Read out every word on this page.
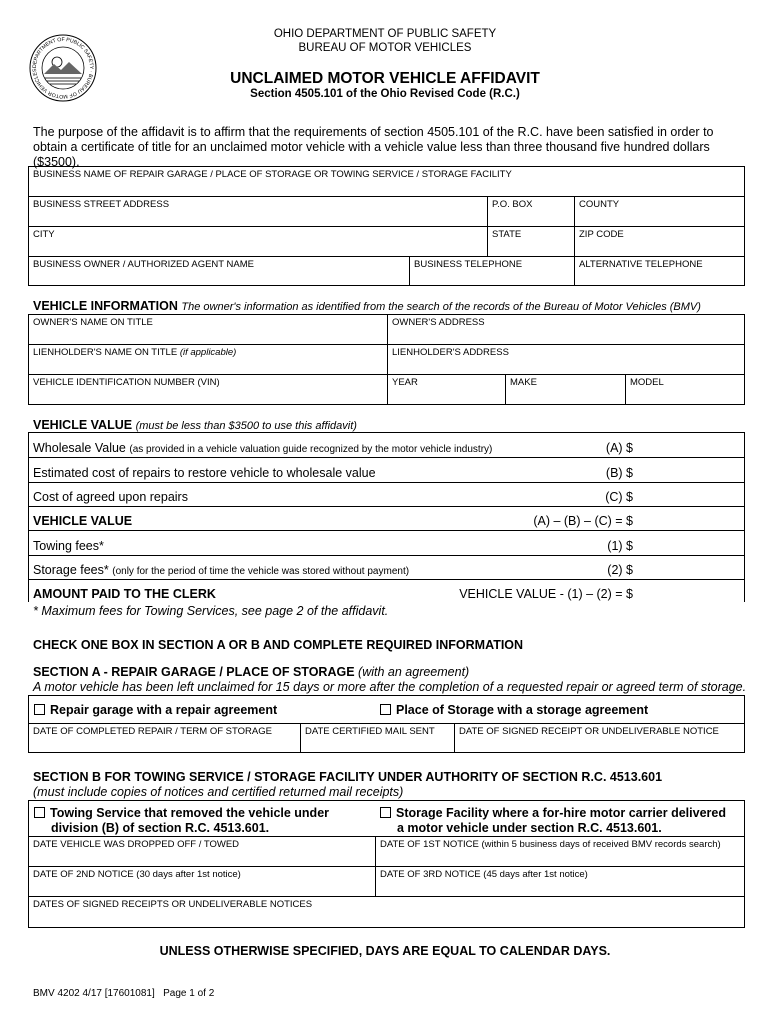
DEPARTMENT OF PUBLIC SAFETY · BUREAU OF MOTOR VEHICLES
OHIO DEPARTMENT OF PUBLIC SAFETY
BUREAU OF MOTOR VEHICLES
UNCLAIMED MOTOR VEHICLE AFFIDAVIT
Section 4505.101 of the Ohio Revised Code (R.C.)
The purpose of the affidavit is to affirm that the requirements of section 4505.101 of the R.C. have been satisfied in order to obtain a certificate of title for an unclaimed motor vehicle with a vehicle value less than three thousand five hundred dollars ($3500).
BUSINESS NAME OF REPAIR GARAGE / PLACE OF STORAGE OR TOWING SERVICE / STORAGE FACILITY
BUSINESS STREET ADDRESS	P.O. BOX	COUNTY
CITY	STATE	ZIP CODE
BUSINESS OWNER / AUTHORIZED AGENT NAME	BUSINESS TELEPHONE	ALTERNATIVE TELEPHONE
VEHICLE INFORMATION The owner's information as identified from the search of the records of the Bureau of Motor Vehicles (BMV)
OWNER'S NAME ON TITLE	OWNER'S ADDRESS
LIENHOLDER'S NAME ON TITLE (if applicable)	LIENHOLDER'S ADDRESS
VEHICLE IDENTIFICATION NUMBER (VIN)	YEAR	MAKE	MODEL
VEHICLE VALUE (must be less than $3500 to use this affidavit)
Wholesale Value (as provided in a vehicle valuation guide recognized by the motor vehicle industry)	(A) $
Estimated cost of repairs to restore vehicle to wholesale value	(B) $
Cost of agreed upon repairs	(C) $
VEHICLE VALUE	(A) – (B) – (C) = $
Towing fees*	(1) $
Storage fees* (only for the period of time the vehicle was stored without payment)	(2) $
AMOUNT PAID TO THE CLERK	VEHICLE VALUE - (1) – (2) = $
* Maximum fees for Towing Services, see page 2 of the affidavit.
CHECK ONE BOX IN SECTION A OR B AND COMPLETE REQUIRED INFORMATION
SECTION A - REPAIR GARAGE / PLACE OF STORAGE (with an agreement)
A motor vehicle has been left unclaimed for 15 days or more after the completion of a requested repair or agreed term of storage.
Repair garage with a repair agreement	Place of Storage with a storage agreement
DATE OF COMPLETED REPAIR / TERM OF STORAGE	DATE CERTIFIED MAIL SENT	DATE OF SIGNED RECEIPT OR UNDELIVERABLE NOTICE
SECTION B FOR TOWING SERVICE / STORAGE FACILITY UNDER AUTHORITY OF SECTION R.C. 4513.601
(must include copies of notices and certified returned mail receipts)
Towing Service that removed the vehicle under
division (B) of section R.C. 4513.601.
Storage Facility where a for-hire motor carrier delivered
a motor vehicle under section R.C. 4513.601.
DATE VEHICLE WAS DROPPED OFF / TOWED	DATE OF 1ST NOTICE (within 5 business days of received BMV records search)
DATE OF 2ND NOTICE (30 days after 1st notice)	DATE OF 3RD NOTICE (45 days after 1st notice)
DATES OF SIGNED RECEIPTS OR UNDELIVERABLE NOTICES
UNLESS OTHERWISE SPECIFIED, DAYS ARE EQUAL TO CALENDAR DAYS.
BMV 4202 4/17 [17601081]   Page 1 of 2
